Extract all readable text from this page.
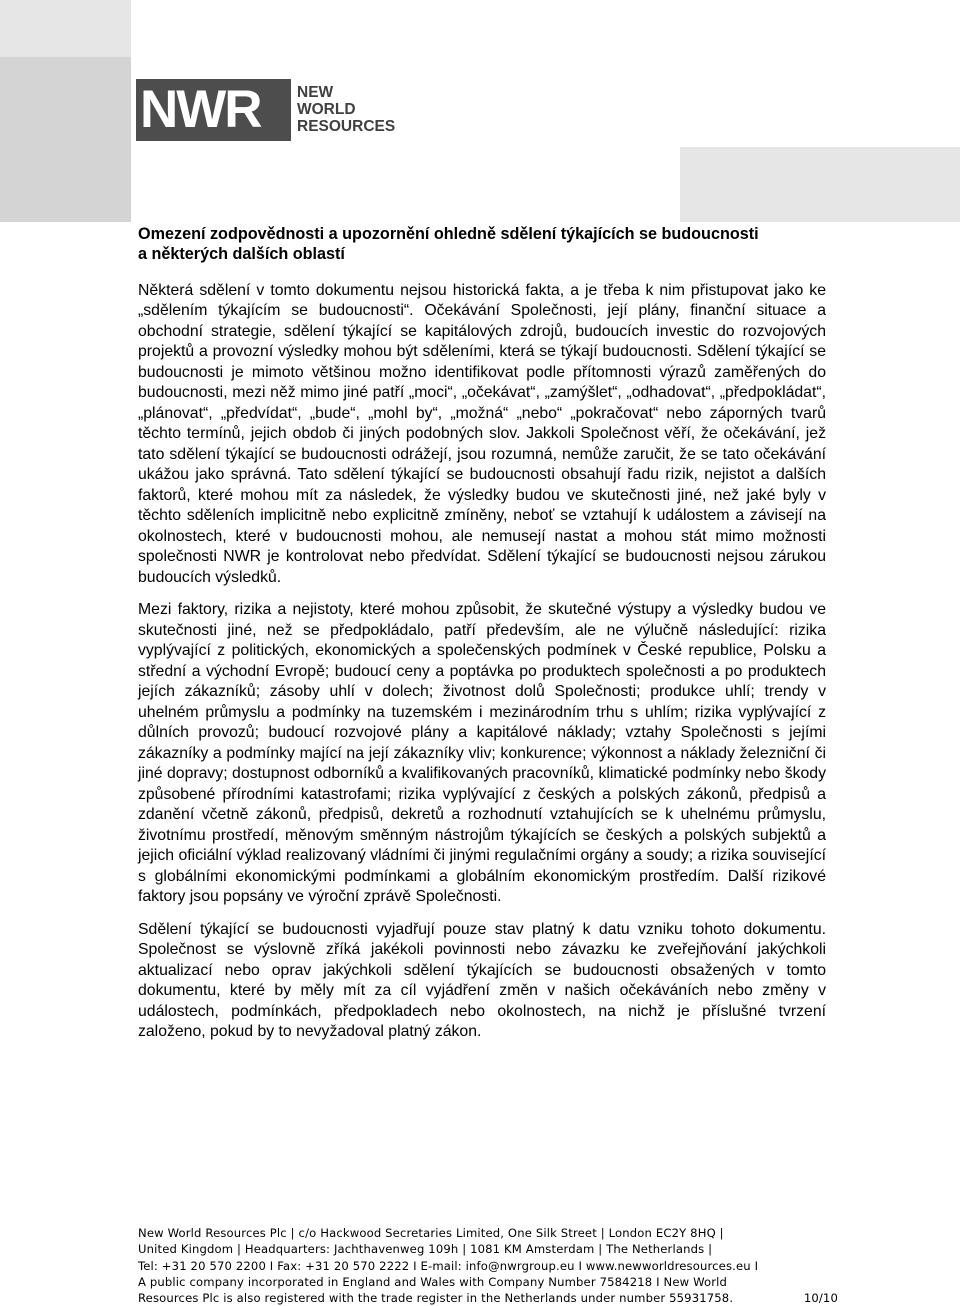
NWR NEW
WORLD
RESOURCES
Omezení zodpovědnosti a upozornění ohledně sdělení týkajících se budoucnosti
a některých dalších oblastí

Některá sdělení v tomto dokumentu nejsou historická fakta, a je třeba k nim přistupovat jako ke „sdělením týkajícím se budoucnosti“. Očekávání Společnosti, její plány, finanční situace a obchodní strategie, sdělení týkající se kapitálových zdrojů, budoucích investic do rozvojových projektů a provozní výsledky mohou být sděleními, která se týkají budoucnosti. Sdělení týkající se budoucnosti je mimoto většinou možno identifikovat podle přítomnosti výrazů zaměřených do budoucnosti, mezi něž mimo jiné patří „moci“, „očekávat“, „zamýšlet“, „odhadovat“, „předpokládat“, „plánovat“, „předvídat“, „bude“, „mohl by“, „možná“ „nebo“ „pokračovat“ nebo záporných tvarů těchto termínů, jejich obdob či jiných podobných slov. Jakkoli Společnost věří, že očekávání, jež tato sdělení týkající se budoucnosti odrážejí, jsou rozumná, nemůže zaručit, že se tato očekávání ukážou jako správná. Tato sdělení týkající se budoucnosti obsahují řadu rizik, nejistot a dalších faktorů, které mohou mít za následek, že výsledky budou ve skutečnosti jiné, než jaké byly v těchto sděleních implicitně nebo explicitně zmíněny, neboť se vztahují k událostem a závisejí na okolnostech, které v budoucnosti mohou, ale nemusejí nastat a mohou stát mimo možnosti společnosti NWR je kontrolovat nebo předvídat. Sdělení týkající se budoucnosti nejsou zárukou budoucích výsledků.

Mezi faktory, rizika a nejistoty, které mohou způsobit, že skutečné výstupy a výsledky budou ve skutečnosti jiné, než se předpokládalo, patří především, ale ne výlučně následující: rizika vyplývající z politických, ekonomických a společenských podmínek v České republice, Polsku a střední a východní Evropě; budoucí ceny a poptávka po produktech společnosti a po produktech jejích zákazníků; zásoby uhlí v dolech; životnost dolů Společnosti; produkce uhlí; trendy v uhelném průmyslu a podmínky na tuzemském i mezinárodním trhu s uhlím; rizika vyplývající z důlních provozů; budoucí rozvojové plány a kapitálové náklady; vztahy Společnosti s jejími zákazníky a podmínky mající na její zákazníky vliv; konkurence; výkonnost a náklady železniční či jiné dopravy; dostupnost odborníků a kvalifikovaných pracovníků, klimatické podmínky nebo škody způsobené přírodními katastrofami; rizika vyplývající z českých a polských zákonů, předpisů a zdanění včetně zákonů, předpisů, dekretů a rozhodnutí vztahujících se k uhelnému průmyslu, životnímu prostředí, měnovým směnným nástrojům týkajících se českých a polských subjektů a jejich oficiální výklad realizovaný vládními či jinými regulačními orgány a soudy; a rizika související s globálními ekonomickými podmínkami a globálním ekonomickým prostředím. Další rizikové faktory jsou popsány ve výroční zprávě Společnosti.

Sdělení týkající se budoucnosti vyjadřují pouze stav platný k datu vzniku tohoto dokumentu. Společnost se výslovně zříká jakékoli povinnosti nebo závazku ke zveřejňování jakýchkoli aktualizací nebo oprav jakýchkoli sdělení týkajících se budoucnosti obsažených v tomto dokumentu, které by měly mít za cíl vyjádření změn v našich očekáváních nebo změny v událostech, podmínkách, předpokladech nebo okolnostech, na nichž je příslušné tvrzení založeno, pokud by to nevyžadoval platný zákon.

New World Resources Plc | c/o Hackwood Secretaries Limited, One Silk Street | London EC2Y 8HQ |
United Kingdom | Headquarters: Jachthavenweg 109h | 1081 KM Amsterdam | The Netherlands |
Tel: +31 20 570 2200 I Fax: +31 20 570 2222 I E-mail: info@nwrgroup.eu I www.newworldresources.eu I
A public company incorporated in England and Wales with Company Number 7584218 I New World
Resources Plc is also registered with the trade register in the Netherlands under number 55931758.	10/10
